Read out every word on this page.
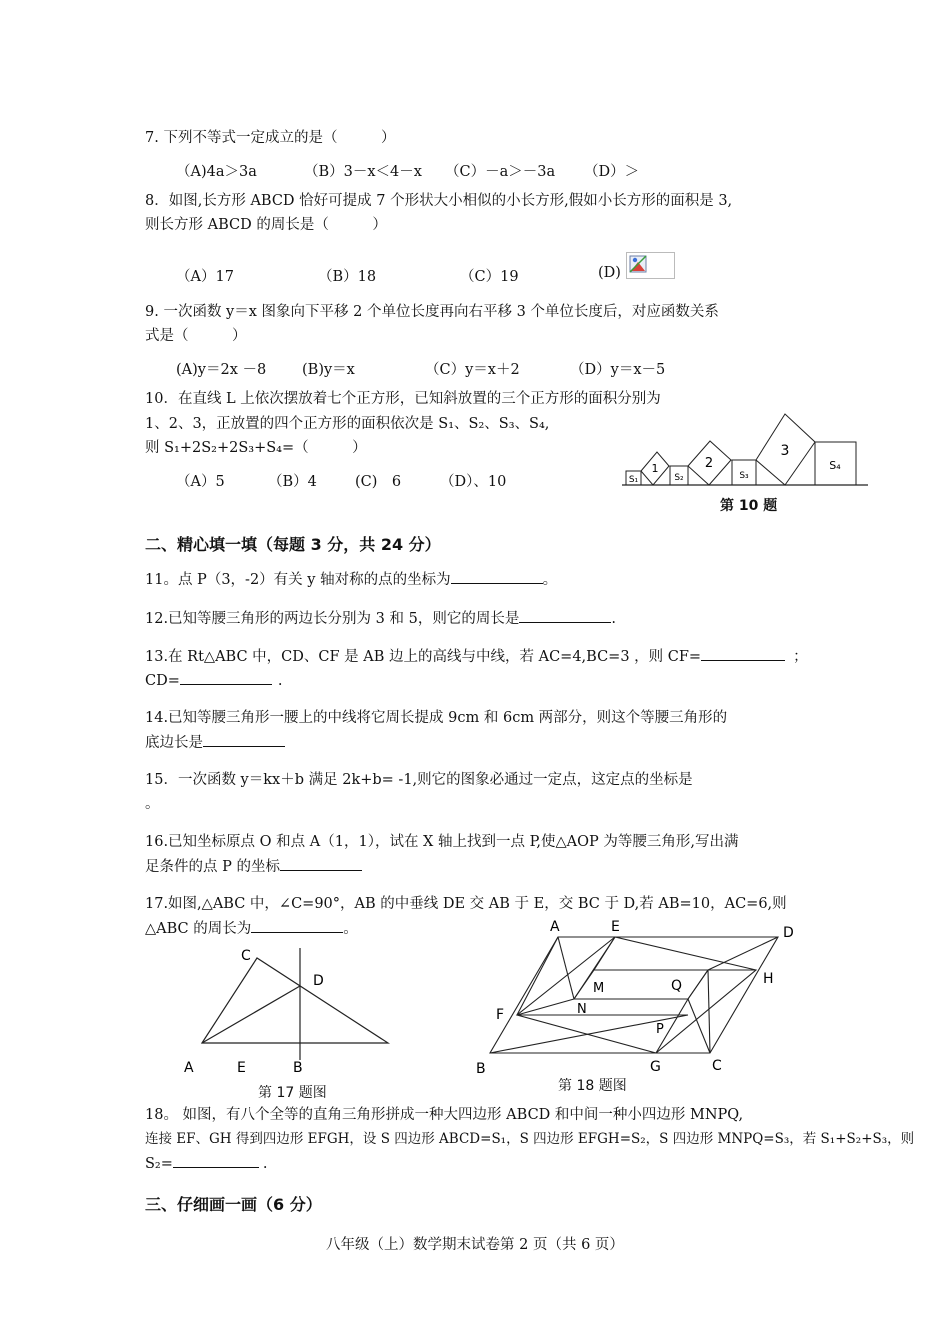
7. 下列不等式一定成立的是（　　　）
（A)4a＞3a	（B）3－x＜4－x （C）－a＞－3a （D）＞
8．如图,长方形 ABCD 恰好可提成 7 个形状大小相似的小长方形,假如小长方形的面积是 3,
则长方形 ABCD 的周长是（　　　）
（A）17	（B）18	（C）19	(D)
9. 一次函数 y＝x 图象向下平移 2 个单位长度再向右平移 3 个单位长度后，对应函数关系
式是（　　　）
(A)y＝2x －8 (B)y＝x	（C）y＝x＋2	（D）y＝x－5
10．在直线 L 上依次摆放着七个正方形，已知斜放置的三个正方形的面积分别为
1、2、3，正放置的四个正方形的面积依次是 S₁、S₂、S₃、S₄,
则 S₁+2S₂+2S₃+S₄=（　　　）
（A）5	（B）4	(C)　6	（D）、10	S₁
1
S₂
2
S₃
3
S₄
第 10 题
二、精心填一填（每题 3 分，共 24 分）
11。点 P（3，-2）有关 y 轴对称的点的坐标为	。
12.已知等腰三角形的两边长分别为 3 和 5，则它的周长是	.
13.在 Rt△ABC 中，CD、CF 是 AB 边上的高线与中线，若 AC=4,BC=3 ，则 CF=	；
CD=	.
14.已知等腰三角形一腰上的中线将它周长提成 9cm 和 6cm 两部分，则这个等腰三角形的
底边长是
15．一次函数 y＝kx＋b 满足 2k+b= -1,则它的图象必通过一定点，这定点的坐标是
。
16.已知坐标原点 O 和点 A（1，1），试在 X 轴上找到一点 P,使△AOP 为等腰三角形,写出满
足条件的点 P 的坐标
17.如图,△ABC 中，∠C=90°，AB 的中垂线 DE 交 AB 于 E，交 BC 于 D,若 AB=10，AC=6,则
△ABC 的周长为	。
C
D
A	E	B
第 17 题图
A	E	D
H
M	Q
F	N
P
B	G	C
第 18 题图
18。 如图，有八个全等的直角三角形拼成一种大四边形 ABCD 和中间一种小四边形 MNPQ,
连接 EF、GH 得到四边形 EFGH，设 S 四边形 ABCD=S₁，S 四边形 EFGH=S₂，S 四边形 MNPQ=S₃，若 S₁+S₂+S₃，则
S₂=	.
三、仔细画一画（6 分）
八年级（上）数学期末试卷第 2 页（共 6 页）
